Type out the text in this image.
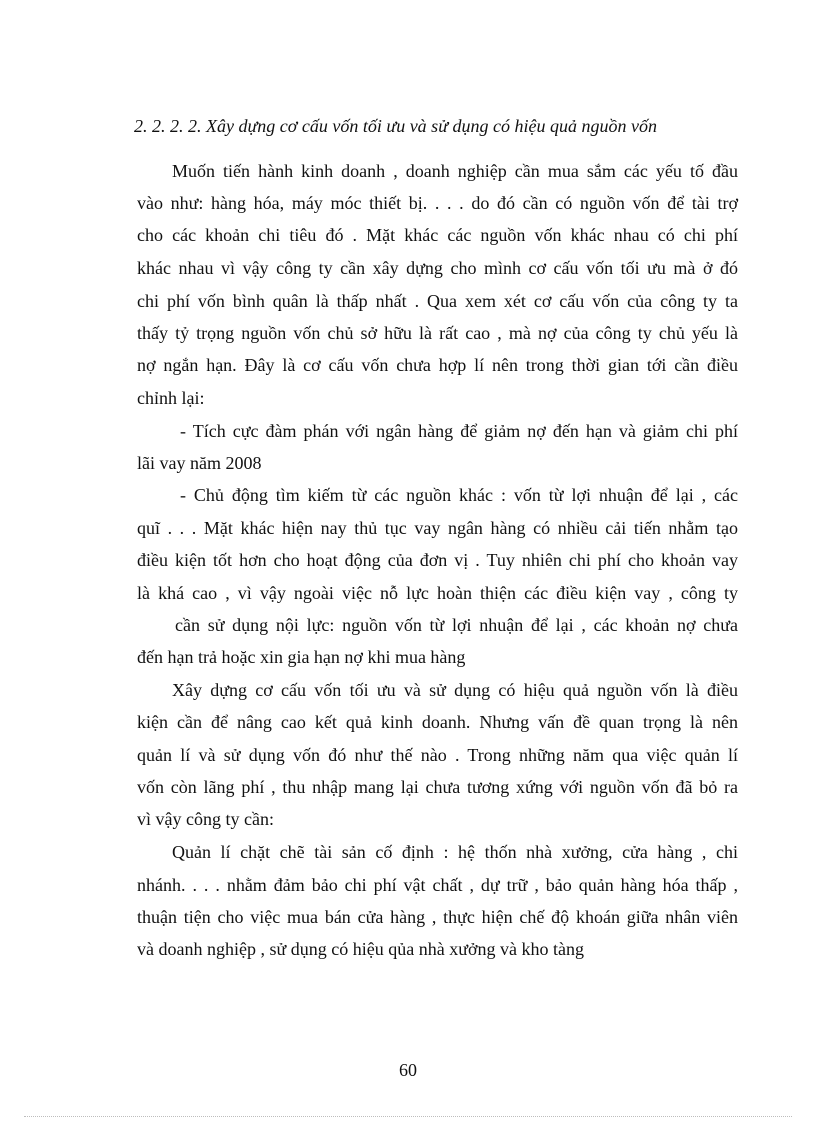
2. 2. 2. 2. Xây dựng cơ cấu vốn tối ưu và sử dụng có hiệu quả nguồn vốn
Muốn tiến hành kinh doanh , doanh nghiệp cần mua sắm các yếu tố đầu
vào như: hàng hóa, máy móc thiết bị. . . . do đó cần có nguồn vốn để tài trợ
cho các khoản chi tiêu đó . Mặt khác các nguồn vốn khác nhau có chi phí
khác nhau vì vậy công ty cần xây dựng cho mình cơ cấu vốn tối ưu mà ở đó
chi phí vốn bình quân là thấp nhất . Qua xem xét cơ cấu vốn của công ty ta
thấy tỷ trọng nguồn vốn chủ sở hữu là rất cao , mà nợ của công ty chủ yếu là
nợ ngắn hạn. Đây là cơ cấu vốn chưa hợp lí nên trong thời gian tới cần điều
chỉnh lại:
- Tích cực đàm phán với ngân hàng để giảm nợ đến hạn và giảm chi phí
lãi vay năm 2008
- Chủ động tìm kiếm từ các nguồn khác : vốn từ lợi nhuận để lại , các
quĩ . . . Mặt khác hiện nay thủ tục vay ngân hàng có nhiều cải tiến nhằm tạo
điều kiện tốt hơn cho hoạt động của đơn vị . Tuy nhiên chi phí cho khoản vay
là khá cao , vì vậy ngoài việc nỗ lực hoàn thiện các điều kiện vay , công ty
cần sử dụng nội lực: nguồn vốn từ lợi nhuận để lại , các khoản nợ chưa
đến hạn trả hoặc xin gia hạn nợ khi mua hàng
Xây dựng cơ cấu vốn tối ưu và sử dụng có hiệu quả nguồn vốn là điều
kiện cần để nâng cao kết quả kinh doanh. Nhưng vấn đề quan trọng là nên
quản lí và sử dụng vốn đó như thế nào . Trong những năm qua việc quản lí
vốn còn lãng phí , thu nhập mang lại chưa tương xứng với nguồn vốn đã bỏ ra
vì vậy công ty cần:
Quản lí chặt chẽ tài sản cố định : hệ thốn nhà xưởng, cửa hàng , chi
nhánh. . . . nhằm đảm bảo chi phí vật chất , dự trữ , bảo quản hàng hóa thấp ,
thuận tiện cho việc mua bán cửa hàng , thực hiện chế độ khoán giữa nhân viên
và doanh nghiệp , sử dụng có hiệu qủa nhà xưởng và kho tàng
60
